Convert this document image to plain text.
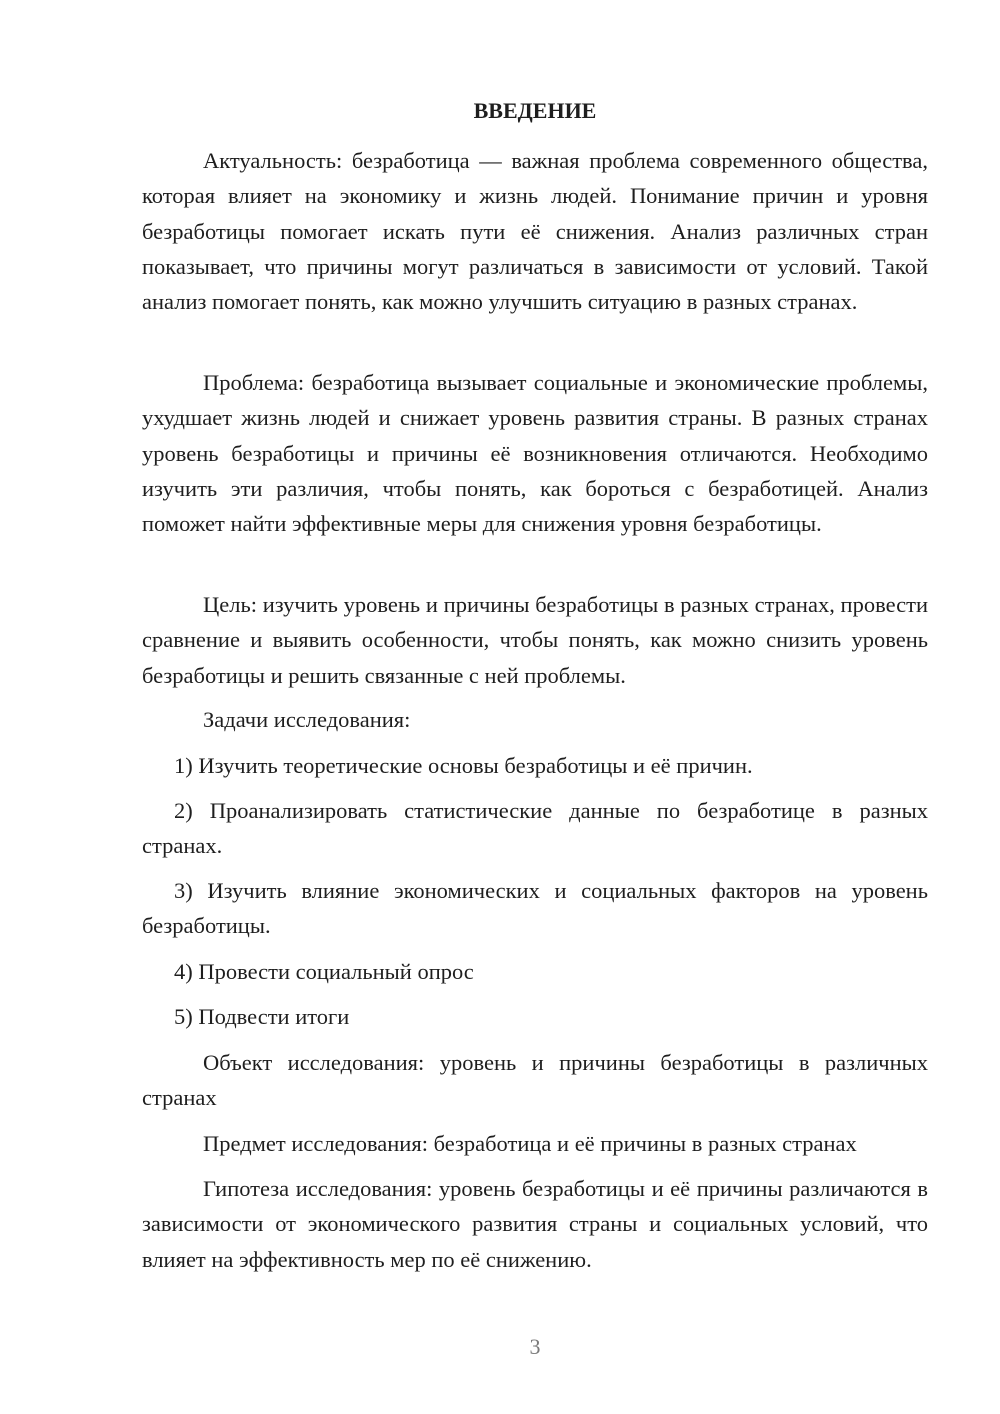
ВВЕДЕНИЕ

Актуальность: безработица — важная проблема современного общества, которая влияет на экономику и жизнь людей. Понимание причин и уровня безработицы помогает искать пути её снижения. Анализ различных стран показывает, что причины могут различаться в зависимости от условий. Такой анализ помогает понять, как можно улучшить ситуацию в разных странах.

Проблема: безработица вызывает социальные и экономические проблемы, ухудшает жизнь людей и снижает уровень развития страны. В разных странах уровень безработицы и причины её возникновения отличаются. Необходимо изучить эти различия, чтобы понять, как бороться с безработицей. Анализ поможет найти эффективные меры для снижения уровня безработицы.

Цель: изучить уровень и причины безработицы в разных странах, провести сравнение и выявить особенности, чтобы понять, как можно снизить уровень безработицы и решить связанные с ней проблемы.

Задачи исследования:

1) Изучить теоретические основы безработицы и её причин.

2) Проанализировать статистические данные по безработице в разных странах.

3) Изучить влияние экономических и социальных факторов на уровень безработицы.

4) Провести социальный опрос

5) Подвести итоги

Объект исследования: уровень и причины безработицы в различных странах

Предмет исследования: безработица и её причины в разных странах

Гипотеза исследования: уровень безработицы и её причины различаются в зависимости от экономического развития страны и социальных условий, что влияет на эффективность мер по её снижению.

3
